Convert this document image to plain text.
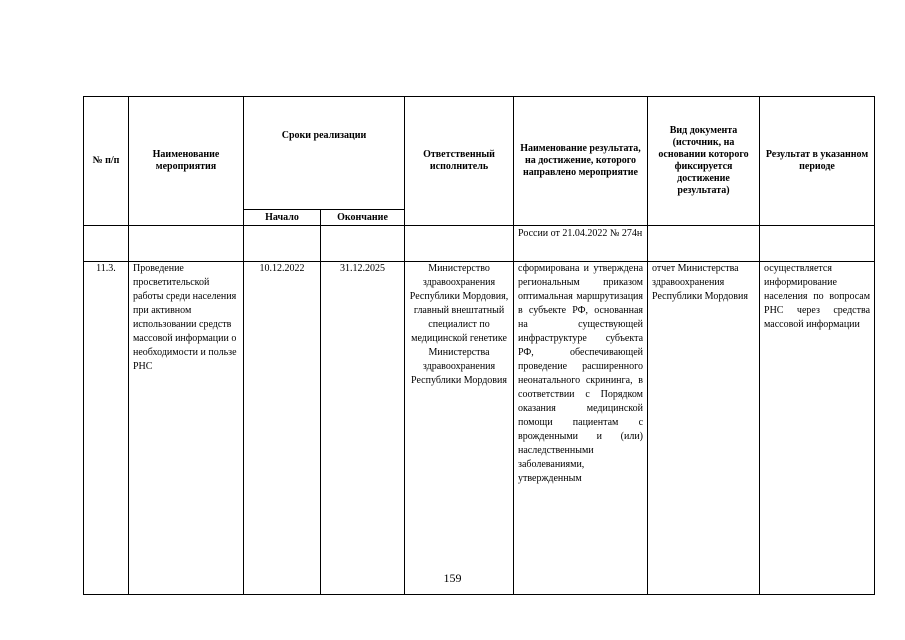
№ п/п	Наименование мероприятия	Сроки реализации		Ответственный исполнитель	Наименование результата, на достижение, которого направлено мероприятие	Вид документа (источник, на основании которого фиксируется достижение результата)	Результат в указанном периоде
		Начало	Окончание				
					России от 21.04.2022 № 274н		
11.3.	Проведение просветительской работы среди населения при активном использовании средств массовой информации о необходимости и пользе РНС	10.12.2022	31.12.2025	Министерство здравоохранения Республики Мордовия, главный внештатный специалист по медицинской генетике Министерства здравоохранения Республики Мордовия	сформирована и утверждена региональным приказом оптимальная маршрутизация в субъекте РФ, основанная на существующей инфраструктуре субъекта РФ, обеспечивающей проведение расширенного неонатального скрининга, в соответствии с Порядком оказания медицинской помощи пациентам с врожденными и (или) наследственными заболеваниями, утвержденным	отчет Министерства здравоохранения Республики Мордовия	осуществляется информирование населения по вопросам РНС через средства массовой информации
159
